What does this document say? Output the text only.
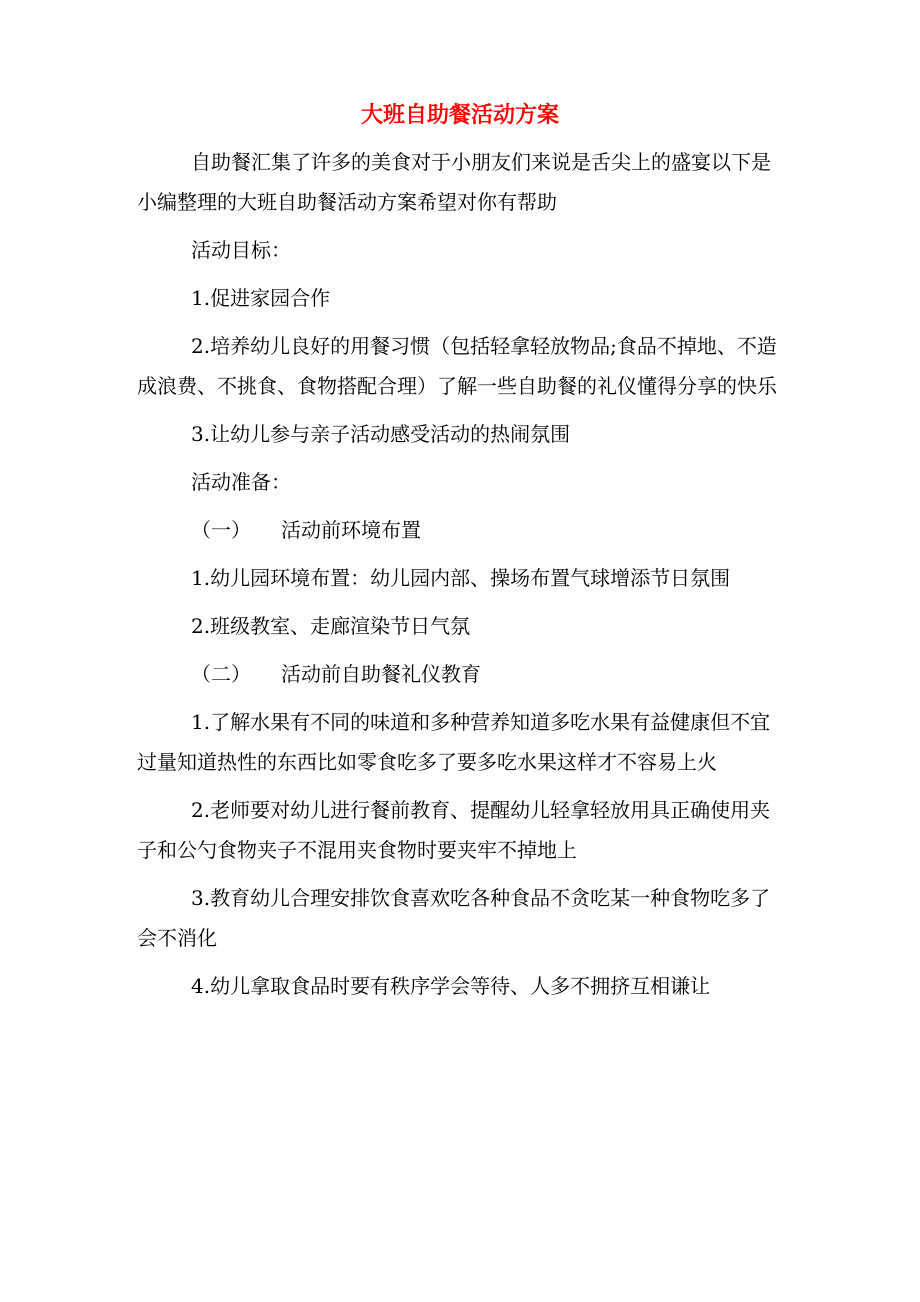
大班自助餐活动方案

自助餐汇集了许多的美食对于小朋友们来说是舌尖上的盛宴以下是小编整理的大班自助餐活动方案希望对你有帮助

活动目标：

1.促进家园合作

2.培养幼儿良好的用餐习惯（包括轻拿轻放物品;食品不掉地、不造成浪费、不挑食、食物搭配合理）了解一些自助餐的礼仪懂得分享的快乐

3.让幼儿参与亲子活动感受活动的热闹氛围

活动准备：

（一）　　活动前环境布置

1.幼儿园环境布置：幼儿园内部、操场布置气球增添节日氛围

2.班级教室、走廊渲染节日气氛

（二）　　活动前自助餐礼仪教育

1.了解水果有不同的味道和多种营养知道多吃水果有益健康但不宜过量知道热性的东西比如零食吃多了要多吃水果这样才不容易上火

2.老师要对幼儿进行餐前教育、提醒幼儿轻拿轻放用具正确使用夹子和公勺食物夹子不混用夹食物时要夹牢不掉地上

3.教育幼儿合理安排饮食喜欢吃各种食品不贪吃某一种食物吃多了会不消化

4.幼儿拿取食品时要有秩序学会等待、人多不拥挤互相谦让
